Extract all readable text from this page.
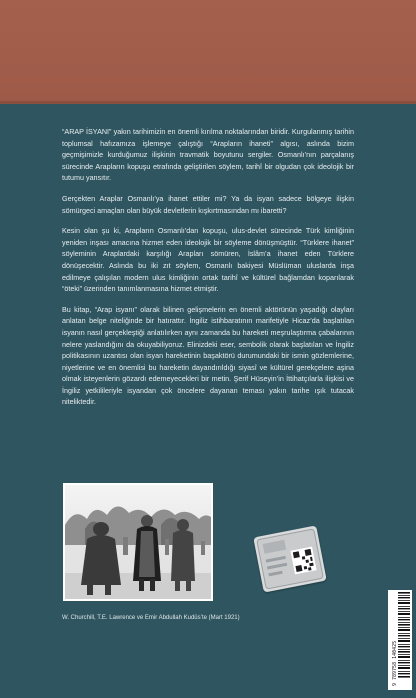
“ARAP İSYANI” yakın tarihimizin en önemli kırılma noktalarından biridir. Kurgulanmış tarihin toplumsal hafızamıza işlemeye çalıştığı “Arapların ihaneti” algısı, aslında bizim geçmişimizle kurduğumuz ilişkinin travmatik boyutunu sergiler. Osmanlı’nın parçalanış sürecinde Arapların kopuşu etrafında geliştirilen söylem, tarihî bir olgudan çok ideolojik bir tutumu yansıtır.

Gerçekten Araplar Osmanlı’ya ihanet ettiler mi? Ya da isyan sadece bölgeye ilişkin sömürgeci amaçları olan büyük devletlerin kışkırtmasından mı ibaretti?

Kesin olan şu ki, Arapların Osmanlı’dan kopuşu, ulus-devlet sürecinde Türk kimliğinin yeniden inşası amacına hizmet eden ideolojik bir söyleme dönüşmüştür. “Türklere ihanet” söyleminin Araplardaki karşılığı Arapları sömüren, İslâm’a ihanet eden Türklere dönüşecektir. Aslında bu iki zıt söylem, Osmanlı bakiyesi Müslüman uluslarda inşa edilmeye çalışılan modern ulus kimliğinin ortak tarihî ve kültürel bağlamdan koparılarak “öteki” üzerinden tanımlanmasına hizmet etmiştir.

Bu kitap, “Arap isyanı” olarak bilinen gelişmelerin en önemli aktörünün yaşadığı olayları anlatan belge niteliğinde bir hatırattır. İngiliz istihbaratının marifetiyle Hicaz’da başlatılan isyanın nasıl gerçekleştiği anlatılırken aynı zamanda bu hareketi meşrulaştırma çabalarının nelere yaslandığını da okuyabiliyoruz. Elinizdeki eser, sembolik olarak başlatılan ve İngiliz politikasının uzantısı olan isyan hareketinin başaktörü durumundaki bir ismin gözlemlerine, niyetlerine ve en önemlisi bu hareketin dayandırıldığı siyasî ve kültürel gerekçelere aşina olmak isteyenlerin gözardı edemeyecekleri bir metin. Şerif Hüseyin’in İttihatçılarla ilişkisi ve İngiliz yetkilileriyle isyandan çok öncelere dayanan teması yakın tarihe ışık tutacak niteliktedir.

W. Churchill, T.E. Lawrence ve Emir Abdullah Kudüs’te (Mart 1921)
9 789758 140425
